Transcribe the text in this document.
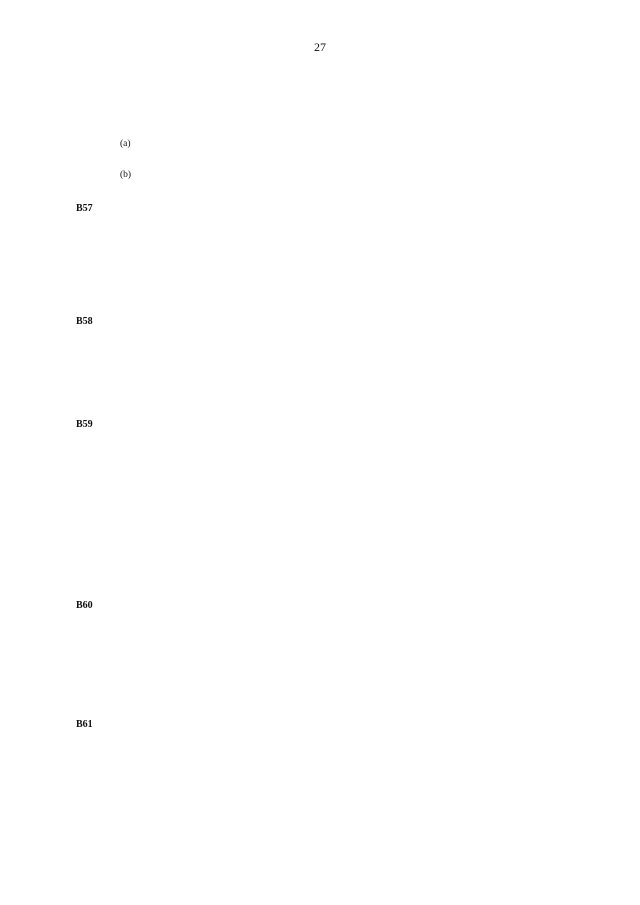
27
(a)
(b)
B57
B58
B59
B60
B61
